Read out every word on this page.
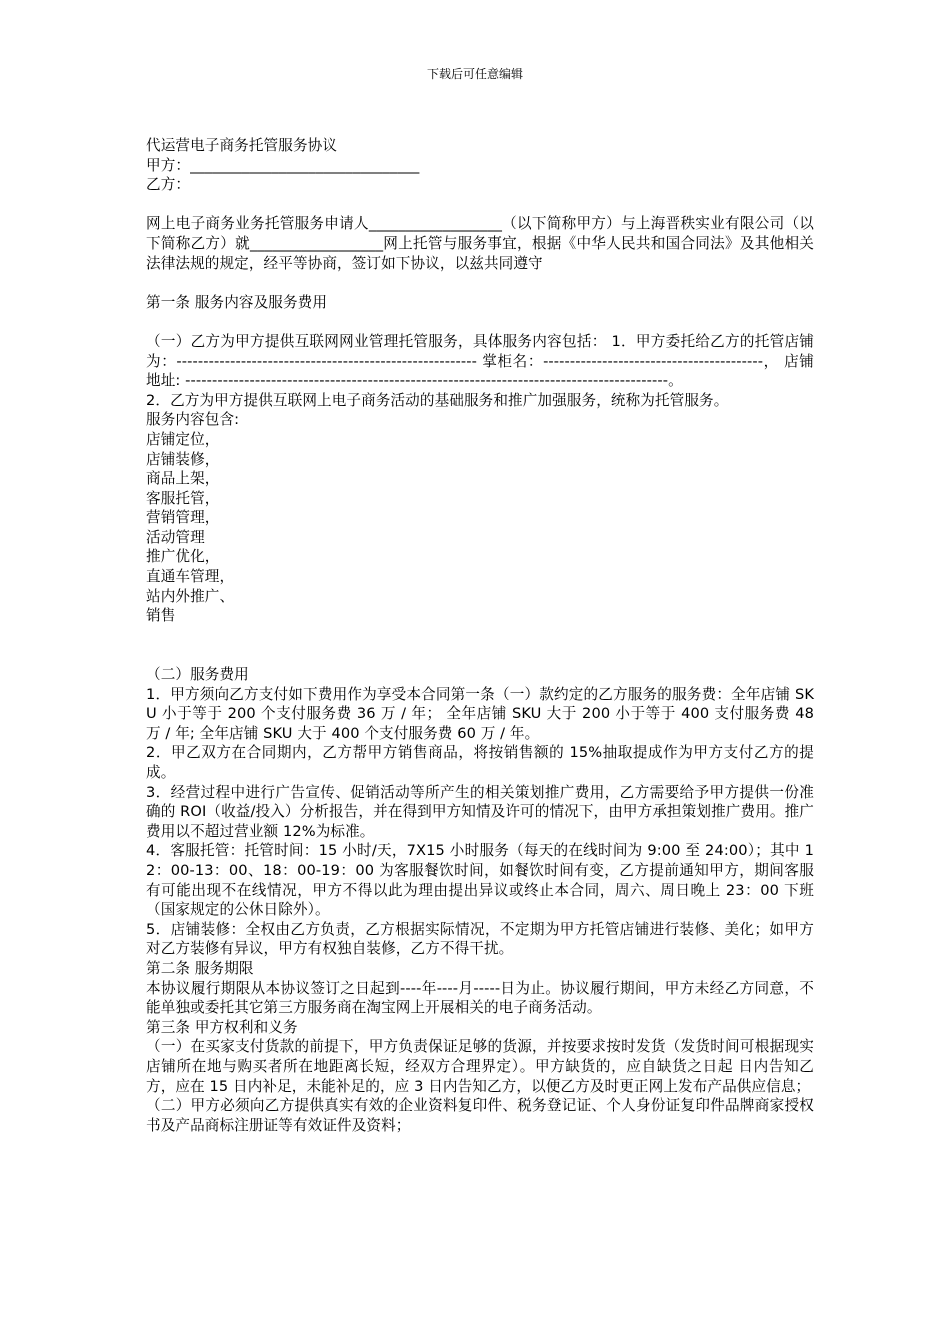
下载后可任意编辑

代运营电子商务托管服务协议

甲方：_______________________________

乙方：

网上电子商务业务托管服务申请人__________________（以下简称甲方）与上海晋秩实业有限公司（以下简称乙方）就__________________网上托管与服务事宜，根据《中华人民共和国合同法》及其他相关法律法规的规定，经平等协商，签订如下协议，以兹共同遵守

第一条 服务内容及服务费用

（一）乙方为甲方提供互联网网业管理托管服务，具体服务内容包括： 1．甲方委托给乙方的托管店铺为：-------------------------------------------------------- 掌柜名：-----------------------------------------， 店铺地址: ------------------------------------------------------------------------------------------。

2．乙方为甲方提供互联网上电子商务活动的基础服务和推广加强服务，统称为托管服务。

服务内容包含:

店铺定位，

店铺装修，

商品上架，

客服托管，

营销管理，

活动管理

推广优化，

直通车管理，

站内外推广、

销售

（二）服务费用

1．甲方须向乙方支付如下费用作为享受本合同第一条（一）款约定的乙方服务的服务费：全年店铺 SKU 小于等于 200 个支付服务费 36 万 / 年； 全年店铺 SKU 大于 200 小于等于 400 支付服务费 48 万 / 年; 全年店铺 SKU 大于 400 个支付服务费 60 万 / 年。

2．甲乙双方在合同期内，乙方帮甲方销售商品，将按销售额的 15%抽取提成作为甲方支付乙方的提成。

3．经营过程中进行广告宣传、促销活动等所产生的相关策划推广费用，乙方需要给予甲方提供一份准确的 ROI（收益/投入）分析报告，并在得到甲方知情及许可的情况下，由甲方承担策划推广费用。推广费用以不超过营业额 12%为标准。

4．客服托管：托管时间：15 小时/天，7X15 小时服务（每天的在线时间为 9:00 至 24:00）；其中 12：00-13：00、18：00-19：00 为客服餐饮时间，如餐饮时间有变，乙方提前通知甲方，期间客服有可能出现不在线情况，甲方不得以此为理由提出异议或终止本合同，周六、周日晚上 23：00 下班（国家规定的公休日除外）。

5．店铺装修：全权由乙方负责，乙方根据实际情况，不定期为甲方托管店铺进行装修、美化；如甲方对乙方装修有异议，甲方有权独自装修，乙方不得干扰。

第二条 服务期限

本协议履行期限从本协议签订之日起到----年----月-----日为止。协议履行期间，甲方未经乙方同意，不能单独或委托其它第三方服务商在淘宝网上开展相关的电子商务活动。

第三条 甲方权利和义务

（一）在买家支付货款的前提下，甲方负责保证足够的货源，并按要求按时发货（发货时间可根据现实店铺所在地与购买者所在地距离长短，经双方合理界定）。甲方缺货的，应自缺货之日起 日内告知乙方，应在 15 日内补足，未能补足的，应 3 日内告知乙方，以便乙方及时更正网上发布产品供应信息；

（二）甲方必须向乙方提供真实有效的企业资料复印件、税务登记证、个人身份证复印件品牌商家授权书及产品商标注册证等有效证件及资料；
